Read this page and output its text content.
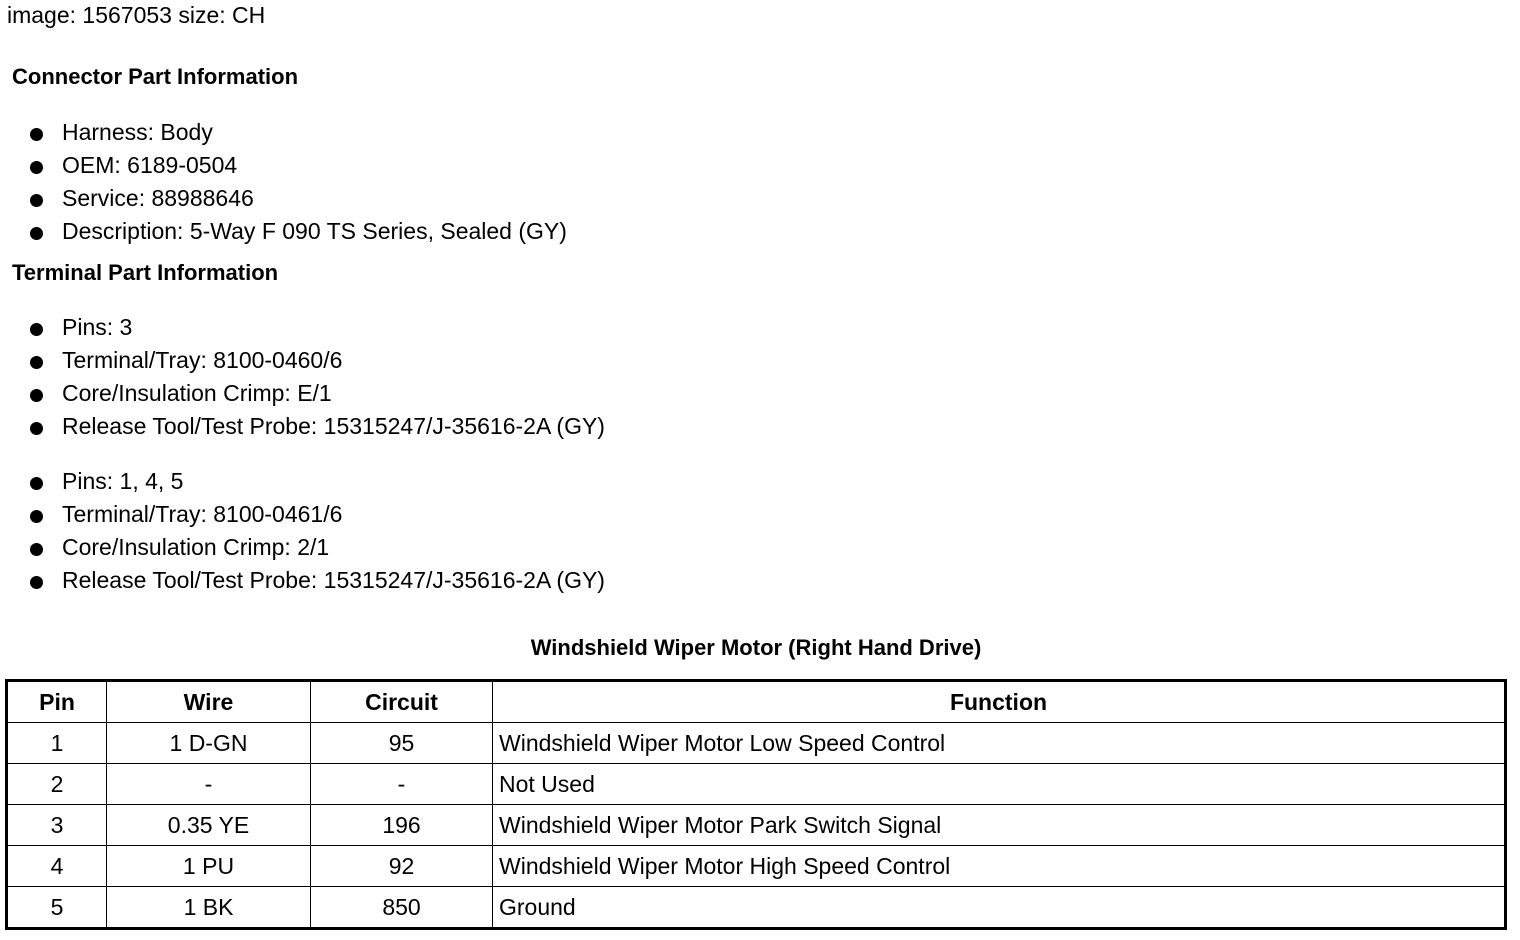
image: 1567053 size: CH
Connector Part Information
Harness: Body
OEM: 6189-0504
Service: 88988646
Description: 5-Way F 090 TS Series, Sealed (GY)
Terminal Part Information
Pins: 3
Terminal/Tray: 8100-0460/6
Core/Insulation Crimp: E/1
Release Tool/Test Probe: 15315247/J-35616-2A (GY)
Pins: 1, 4, 5
Terminal/Tray: 8100-0461/6
Core/Insulation Crimp: 2/1
Release Tool/Test Probe: 15315247/J-35616-2A (GY)
Windshield Wiper Motor (Right Hand Drive)
Pin	Wire	Circuit	Function
1	1 D-GN	95	Windshield Wiper Motor Low Speed Control
2	-	-	Not Used
3	0.35 YE	196	Windshield Wiper Motor Park Switch Signal
4	1 PU	92	Windshield Wiper Motor High Speed Control
5	1 BK	850	Ground
